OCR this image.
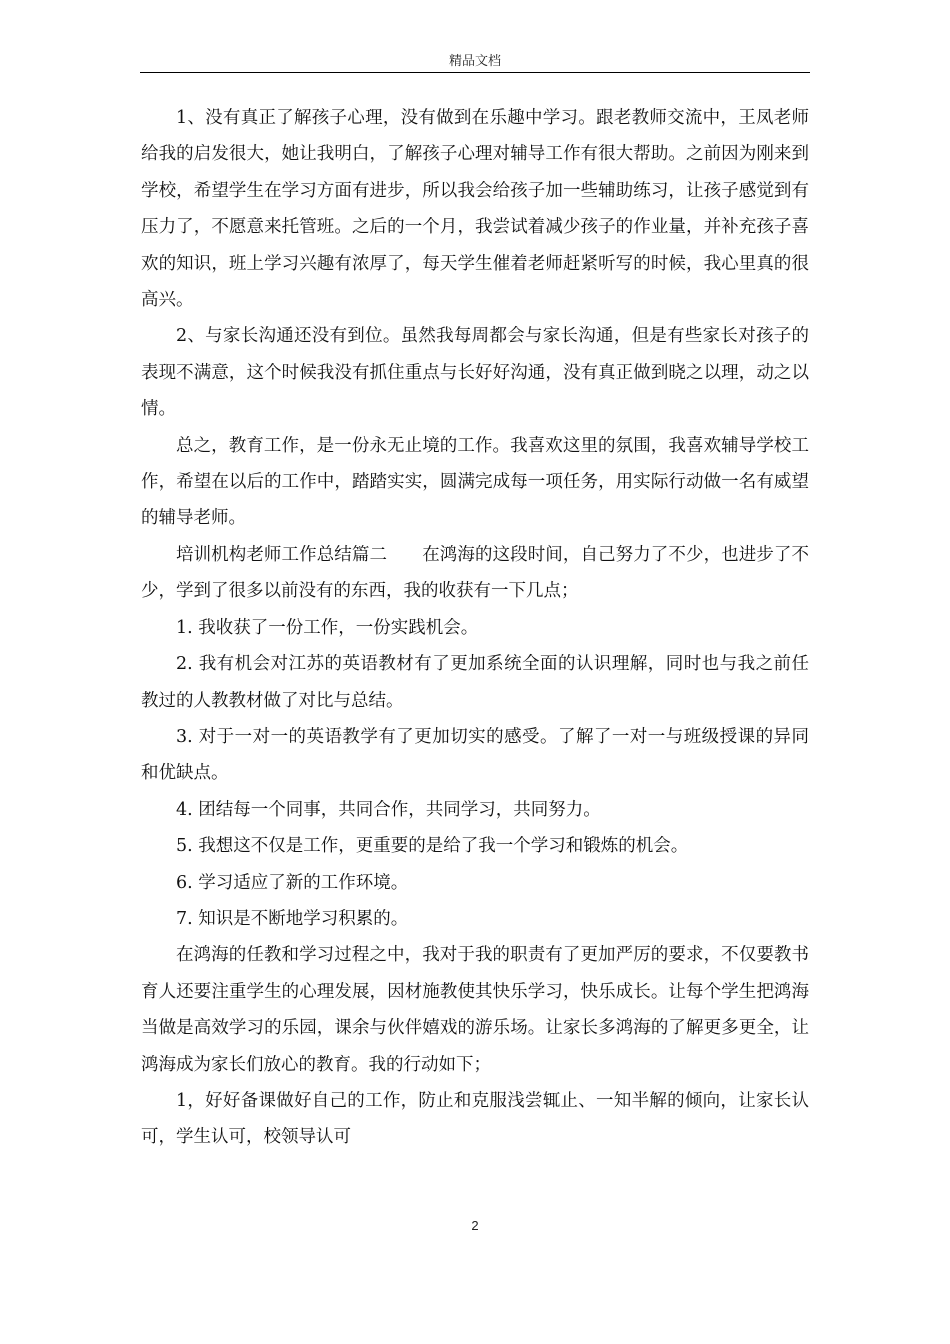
精品文档

1、没有真正了解孩子心理，没有做到在乐趣中学习。跟老教师交流中，王凤老师给我的启发很大，她让我明白，了解孩子心理对辅导工作有很大帮助。之前因为刚来到学校，希望学生在学习方面有进步，所以我会给孩子加一些辅助练习，让孩子感觉到有压力了，不愿意来托管班。之后的一个月，我尝试着减少孩子的作业量，并补充孩子喜欢的知识，班上学习兴趣有浓厚了，每天学生催着老师赶紧听写的时候，我心里真的很高兴。

2、与家长沟通还没有到位。虽然我每周都会与家长沟通，但是有些家长对孩子的表现不满意，这个时候我没有抓住重点与长好好沟通，没有真正做到晓之以理，动之以情。

总之，教育工作，是一份永无止境的工作。我喜欢这里的氛围，我喜欢辅导学校工作，希望在以后的工作中，踏踏实实，圆满完成每一项任务，用实际行动做一名有威望的辅导老师。

培训机构老师工作总结篇二　　在鸿海的这段时间，自己努力了不少，也进步了不少，学到了很多以前没有的东西，我的收获有一下几点；

1. 我收获了一份工作，一份实践机会。

2. 我有机会对江苏的英语教材有了更加系统全面的认识理解，同时也与我之前任教过的人教教材做了对比与总结。

3. 对于一对一的英语教学有了更加切实的感受。了解了一对一与班级授课的异同和优缺点。

4. 团结每一个同事，共同合作，共同学习，共同努力。

5. 我想这不仅是工作，更重要的是给了我一个学习和锻炼的机会。

6. 学习适应了新的工作环境。

7. 知识是不断地学习积累的。

在鸿海的任教和学习过程之中，我对于我的职责有了更加严厉的要求，不仅要教书育人还要注重学生的心理发展，因材施教使其快乐学习，快乐成长。让每个学生把鸿海当做是高效学习的乐园，课余与伙伴嬉戏的游乐场。让家长多鸿海的了解更多更全，让鸿海成为家长们放心的教育。我的行动如下；

1，好好备课做好自己的工作，防止和克服浅尝辄止、一知半解的倾向，让家长认可，学生认可，校领导认可

2
